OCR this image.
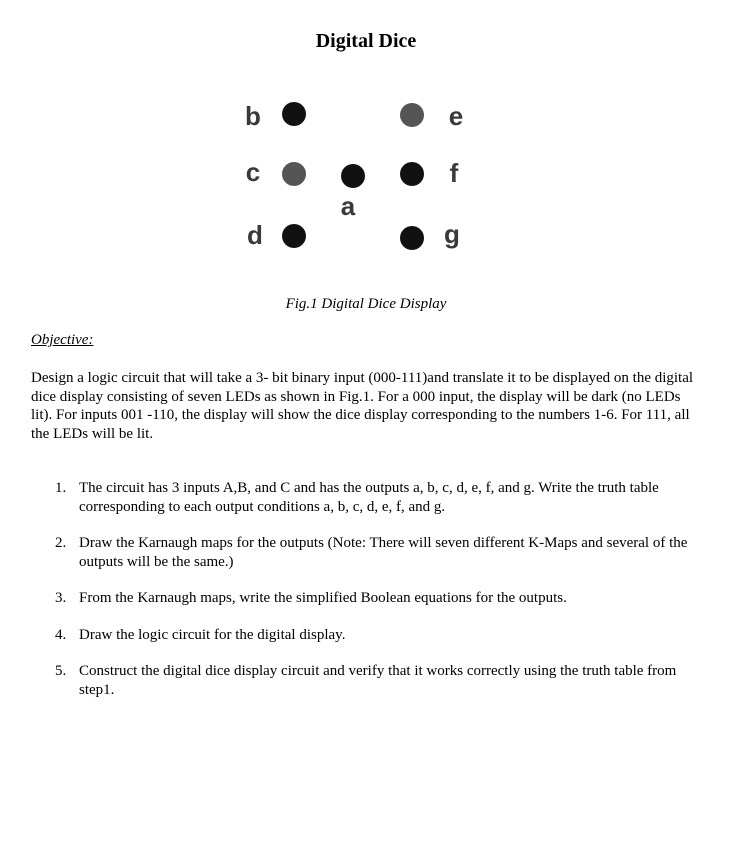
Digital Dice
b
c
d
a
e
f
g
Fig.1 Digital Dice Display
Objective:

Design a logic circuit that will take a 3- bit binary input (000-111)and translate it to be displayed on the digital dice display consisting of seven LEDs as shown in Fig.1. For a 000 input, the display will be dark (no LEDs lit). For inputs 001 -110, the display will show the dice display corresponding to the numbers 1-6. For 111, all the LEDs will be lit.

1. The circuit has 3 inputs A,B, and C and has the outputs a, b, c, d, e, f, and g. Write the truth table corresponding to each output conditions a, b, c, d, e, f, and g.
2. Draw the Karnaugh maps for the outputs (Note: There will seven different K-Maps and several of the outputs will be the same.)
3. From the Karnaugh maps, write the simplified Boolean equations for the outputs.
4. Draw the logic circuit for the digital display.
5. Construct the digital dice display circuit and verify that it works correctly using the truth table from step1.
